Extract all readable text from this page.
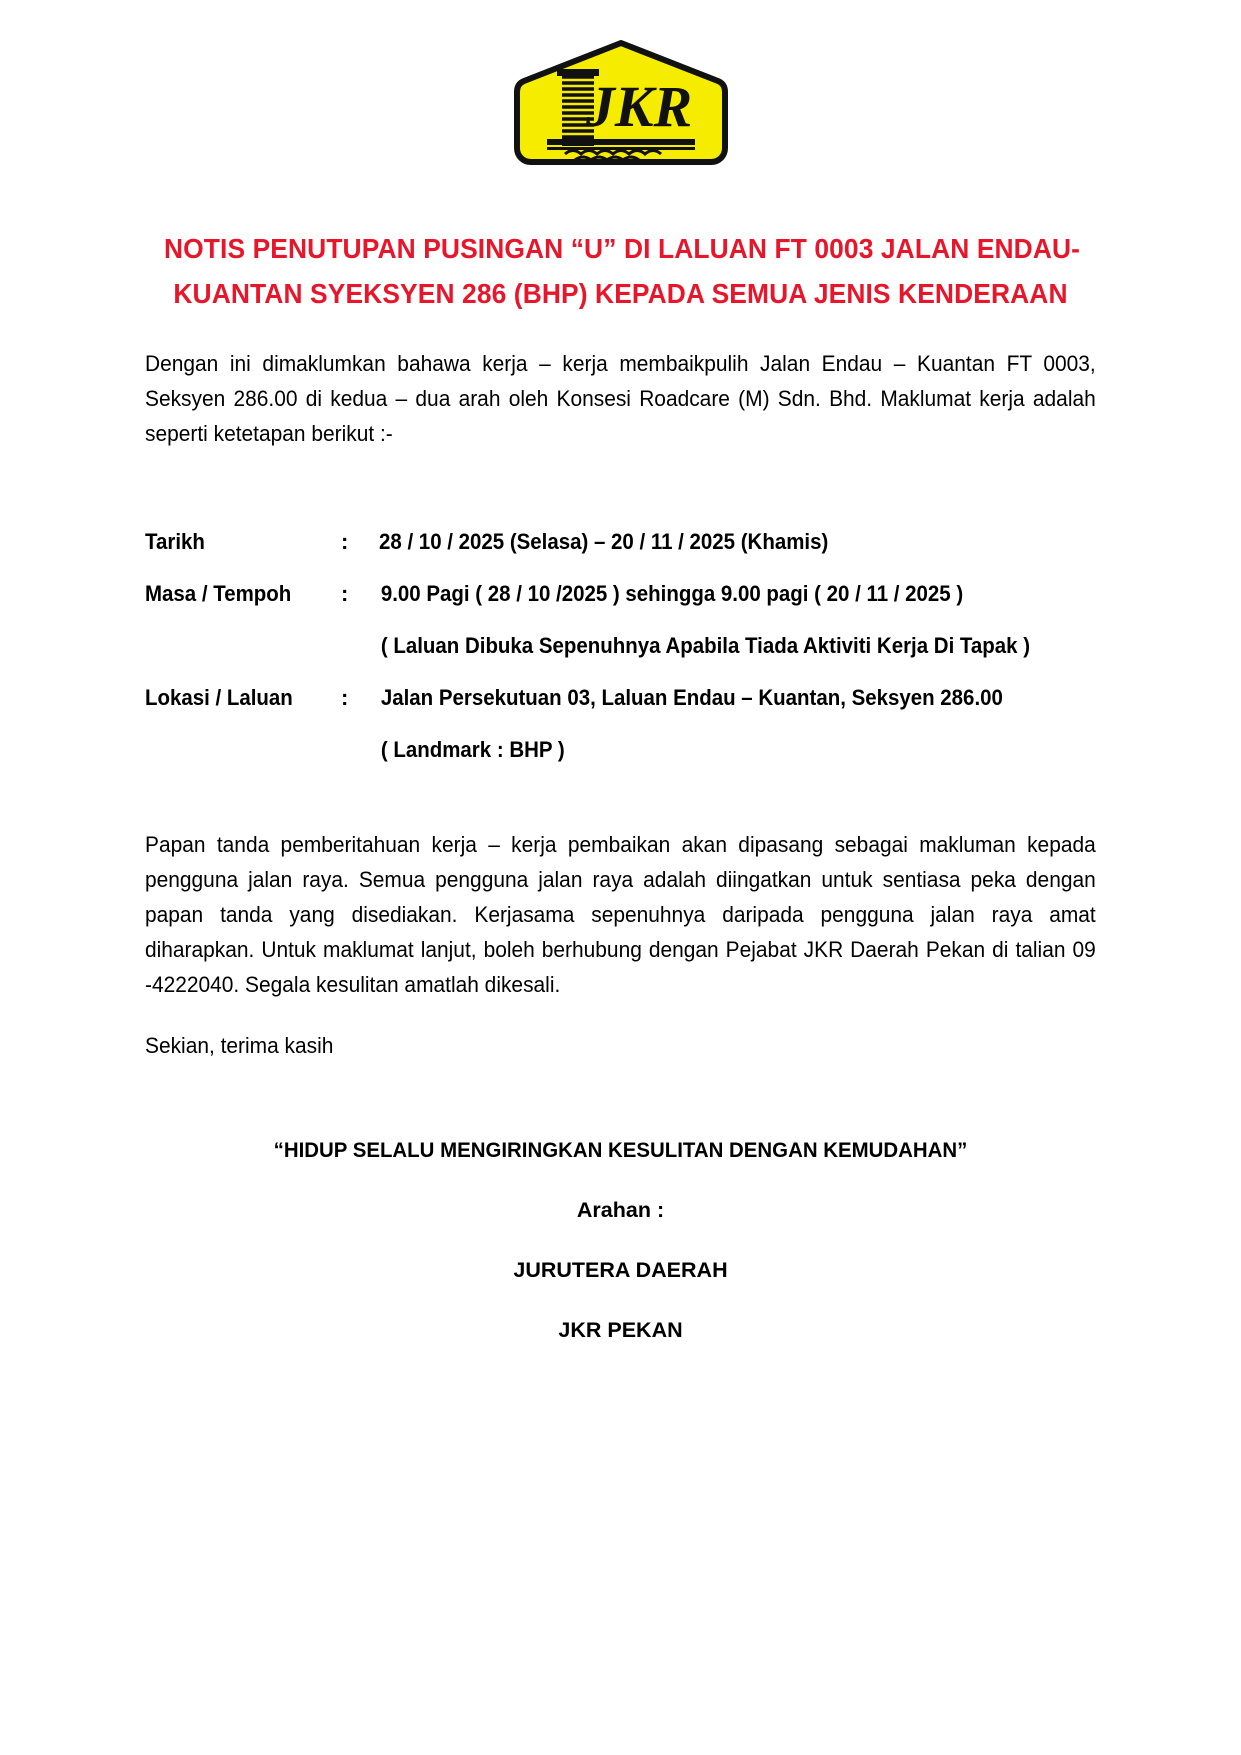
JKR
NOTIS PENUTUPAN PUSINGAN “U” DI LALUAN FT 0003 JALAN ENDAU-
KUANTAN SYEKSYEN 286 (BHP) KEPADA SEMUA JENIS KENDERAAN
Dengan ini dimaklumkan bahawa kerja – kerja membaikpulih Jalan Endau – Kuantan FT 0003, Seksyen 286.00 di kedua – dua arah oleh Konsesi Roadcare (M) Sdn. Bhd. Maklumat kerja adalah seperti ketetapan berikut :-
Tarikh	:	28 / 10 / 2025 (Selasa) – 20 / 11 / 2025 (Khamis)
Masa / Tempoh	:	9.00 Pagi ( 28 / 10 /2025 ) sehingga 9.00 pagi ( 20 / 11 / 2025 )
( Laluan Dibuka Sepenuhnya Apabila Tiada Aktiviti Kerja Di Tapak )
Lokasi / Laluan	:	Jalan Persekutuan 03, Laluan Endau – Kuantan, Seksyen 286.00
( Landmark : BHP )
Papan tanda pemberitahuan kerja – kerja pembaikan akan dipasang sebagai makluman kepada pengguna jalan raya. Semua pengguna jalan raya adalah diingatkan untuk sentiasa peka dengan papan tanda yang disediakan. Kerjasama sepenuhnya daripada pengguna jalan raya amat diharapkan. Untuk maklumat lanjut, boleh berhubung dengan Pejabat JKR Daerah Pekan di talian 09 -4222040. Segala kesulitan amatlah dikesali.
Sekian, terima kasih
“HIDUP SELALU MENGIRINGKAN KESULITAN DENGAN KEMUDAHAN”
Arahan :
JURUTERA DAERAH
JKR PEKAN
